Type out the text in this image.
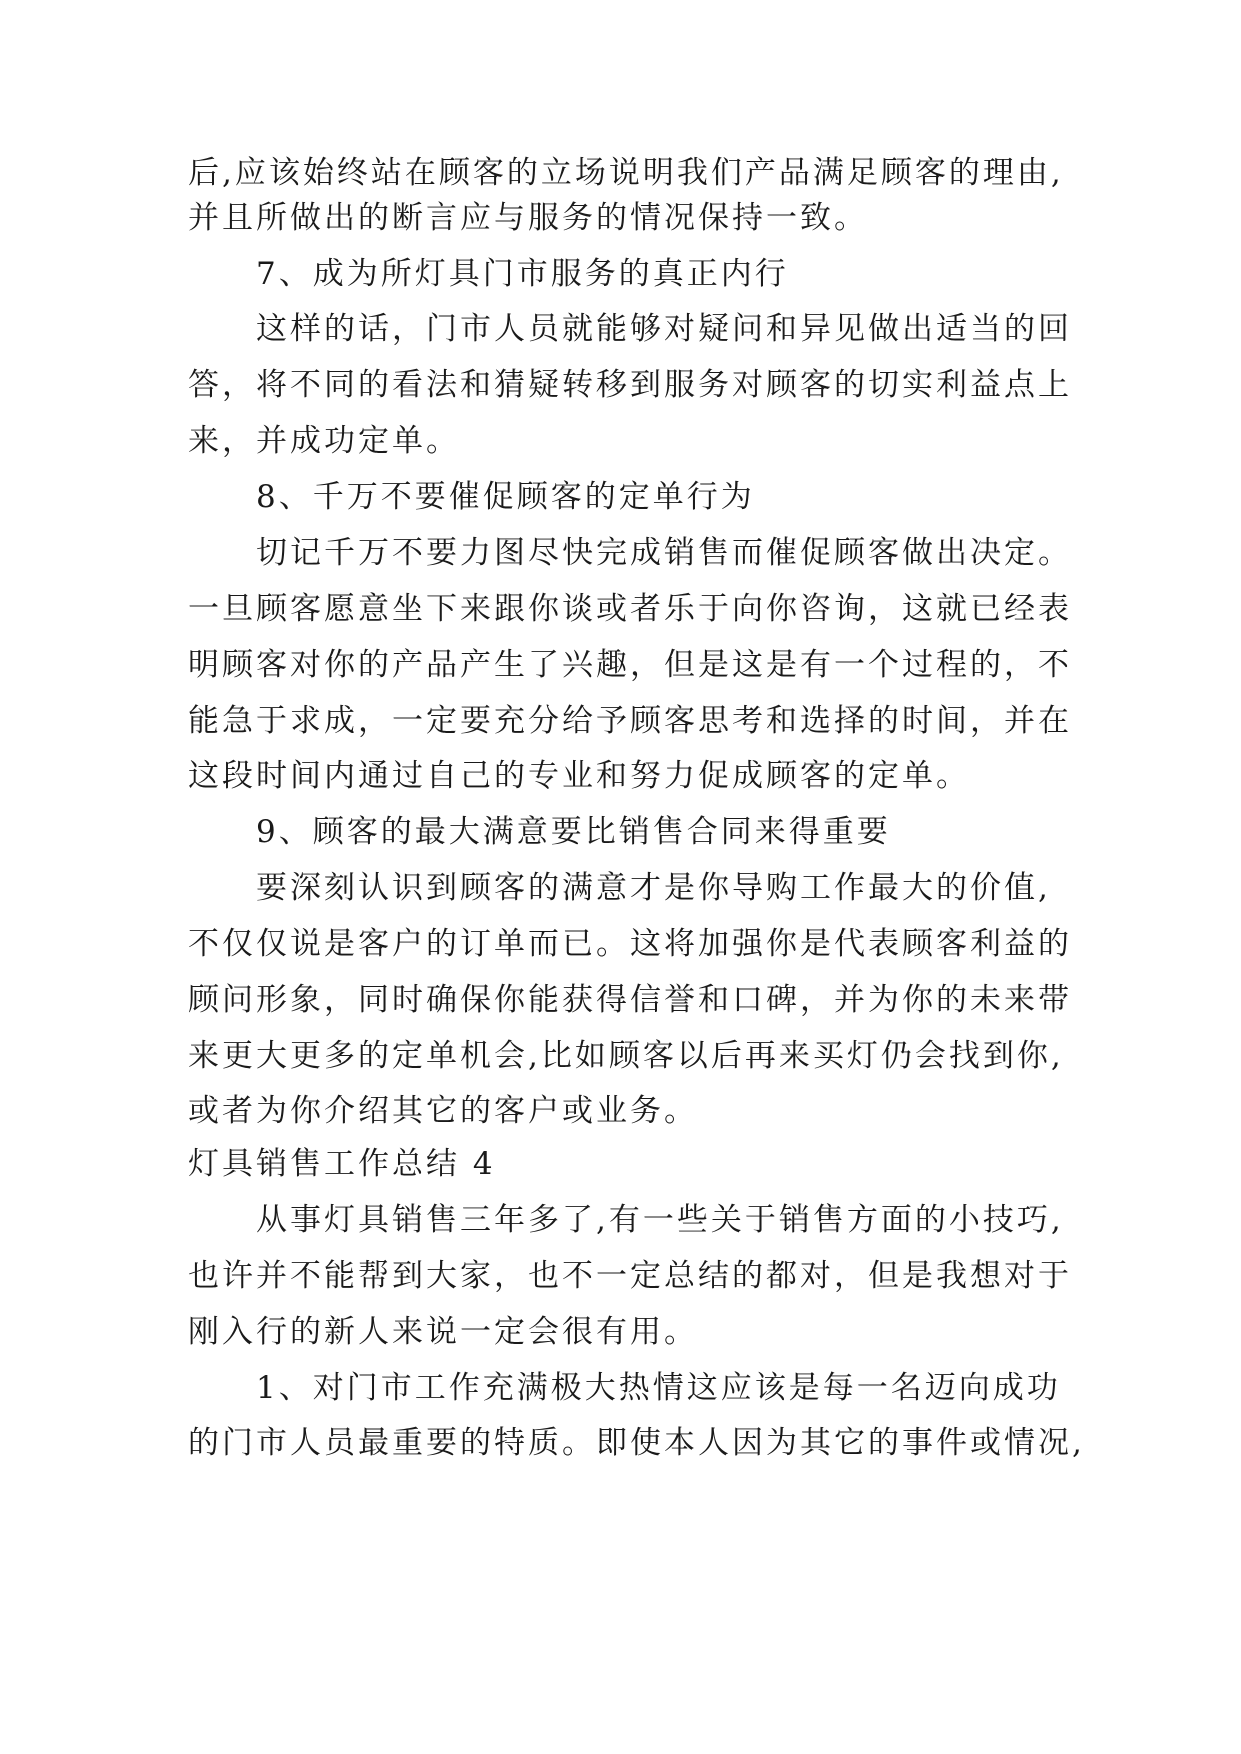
后,应该始终站在顾客的立场说明我们产品满足顾客的理由,
并且所做出的断言应与服务的情况保持一致。
7、成为所灯具门市服务的真正内行
这样的话，门市人员就能够对疑问和异见做出适当的回
答，将不同的看法和猜疑转移到服务对顾客的切实利益点上
来，并成功定单。
8、千万不要催促顾客的定单行为
切记千万不要力图尽快完成销售而催促顾客做出决定。
一旦顾客愿意坐下来跟你谈或者乐于向你咨询，这就已经表
明顾客对你的产品产生了兴趣，但是这是有一个过程的，不
能急于求成，一定要充分给予顾客思考和选择的时间，并在
这段时间内通过自己的专业和努力促成顾客的定单。
9、顾客的最大满意要比销售合同来得重要
要深刻认识到顾客的满意才是你导购工作最大的价值,
不仅仅说是客户的订单而已。这将加强你是代表顾客利益的
顾问形象，同时确保你能获得信誉和口碑，并为你的未来带
来更大更多的定单机会,比如顾客以后再来买灯仍会找到你,
或者为你介绍其它的客户或业务。
灯具销售工作总结 4
从事灯具销售三年多了,有一些关于销售方面的小技巧,
也许并不能帮到大家，也不一定总结的都对，但是我想对于
刚入行的新人来说一定会很有用。
1、对门市工作充满极大热情这应该是每一名迈向成功
的门市人员最重要的特质。即使本人因为其它的事件或情况,
